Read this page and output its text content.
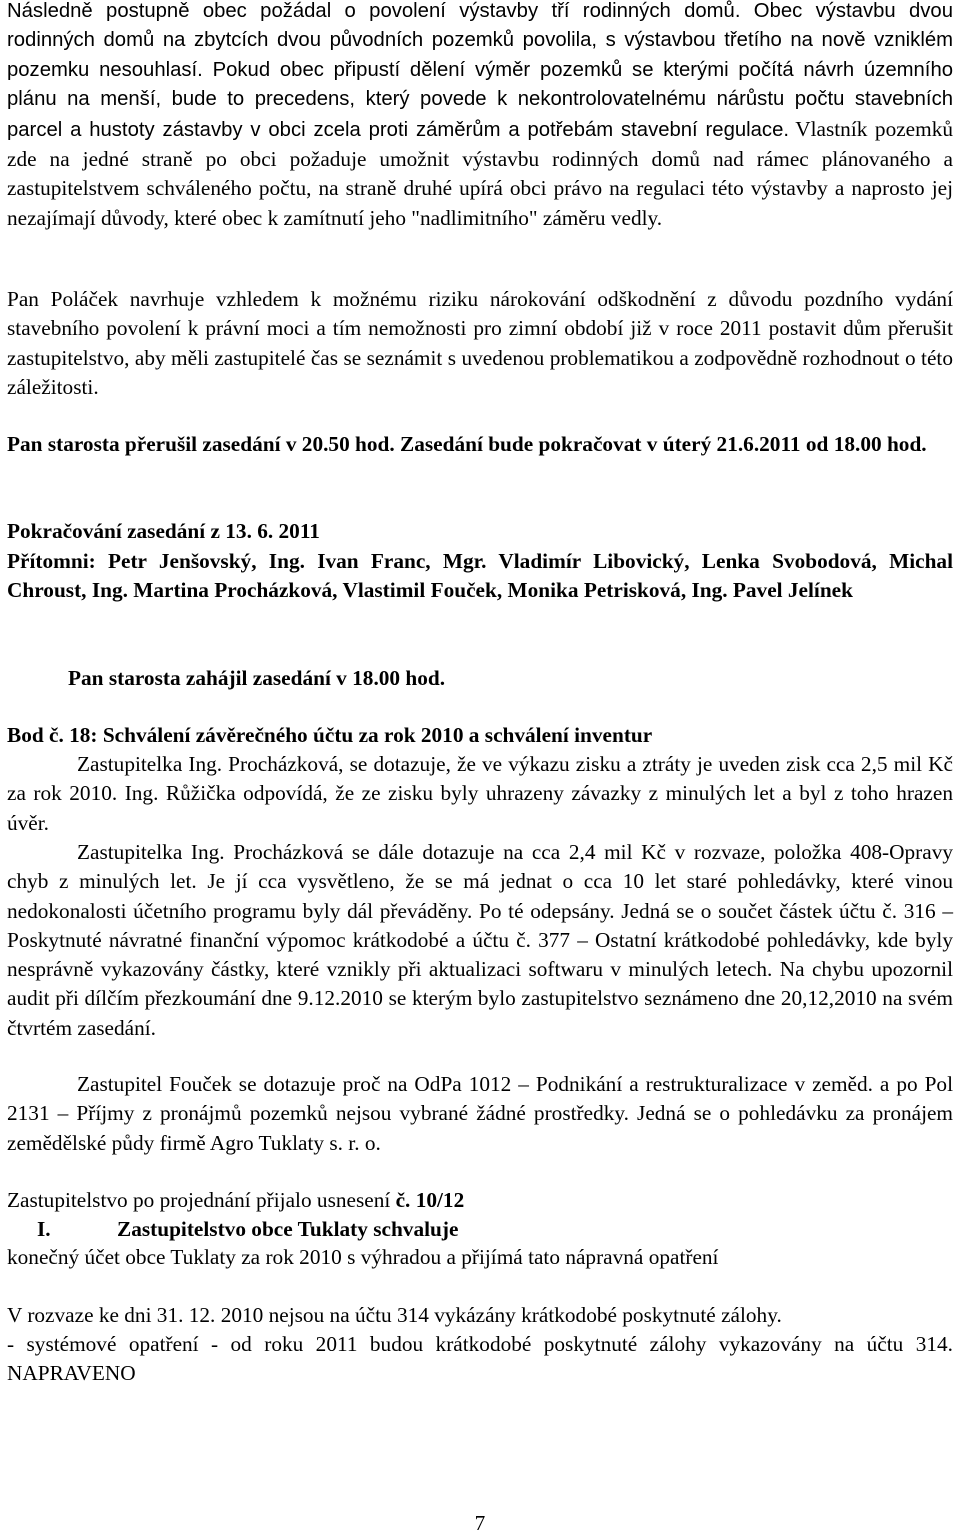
Následně postupně obec požádal o povolení výstavby tří rodinných domů. Obec výstavbu dvou rodinných domů na zbytcích dvou původních pozemků povolila, s výstavbou třetího na nově vzniklém pozemku nesouhlasí. Pokud obec připustí dělení výměr pozemků se kterými počítá návrh územního plánu na menší, bude to precedens, který povede k nekontrolovatelnému nárůstu počtu stavebních parcel a hustoty zástavby v obci zcela proti záměrům a potřebám stavební regulace. Vlastník pozemků zde na jedné straně po obci požaduje umožnit výstavbu rodinných domů nad rámec plánovaného a zastupitelstvem schváleného počtu, na straně druhé upírá obci právo na regulaci této výstavby a naprosto jej nezajímají důvody, které obec k zamítnutí jeho "nadlimitního" záměru vedly.

Pan Poláček navrhuje vzhledem k možnému riziku nárokování odškodnění z důvodu pozdního vydání stavebního povolení k právní moci a tím nemožnosti pro zimní období již v roce 2011 postavit dům přerušit zastupitelstvo, aby měli zastupitelé čas se seznámit s uvedenou problematikou a zodpovědně rozhodnout o této záležitosti.

Pan starosta přerušil zasedání v 20.50 hod. Zasedání bude pokračovat v úterý 21.6.2011 od 18.00 hod.

Pokračování zasedání z 13. 6. 2011

Přítomni: Petr Jenšovský, Ing. Ivan Franc, Mgr. Vladimír Libovický, Lenka Svobodová, Michal Chroust, Ing. Martina Procházková, Vlastimil Fouček, Monika Petrisková, Ing. Pavel Jelínek

Pan starosta zahájil zasedání v 18.00 hod.

Bod č. 18: Schválení závěrečného účtu za rok 2010 a schválení inventur

Zastupitelka Ing. Procházková, se dotazuje, že ve výkazu zisku a ztráty je uveden zisk cca 2,5 mil Kč za rok 2010. Ing. Růžička odpovídá, že ze zisku byly uhrazeny závazky z minulých let a byl z toho hrazen úvěr.

Zastupitelka Ing. Procházková se dále dotazuje na cca 2,4 mil Kč v rozvaze, položka 408-Opravy chyb z minulých let. Je jí cca vysvětleno, že se má jednat o cca 10 let staré pohledávky, které vinou nedokonalosti účetního programu byly dál převáděny. Po té odepsány. Jedná se o součet částek účtu č. 316 – Poskytnuté návratné finanční výpomoc krátkodobé a účtu č. 377 – Ostatní krátkodobé pohledávky, kde byly nesprávně vykazovány částky, které vznikly při aktualizaci softwaru v minulých letech. Na chybu upozornil audit při dílčím přezkoumání dne 9.12.2010 se kterým bylo zastupitelstvo seznámeno dne 20,12,2010 na svém čtvrtém zasedání.

Zastupitel Fouček se dotazuje proč na OdPa 1012 – Podnikání a restrukturalizace v zeměd. a po Pol 2131 – Příjmy z pronájmů pozemků nejsou vybrané žádné prostředky. Jedná se o pohledávku za pronájem zemědělské půdy firmě Agro Tuklaty s. r. o.

Zastupitelstvo po projednání přijalo usnesení č. 10/12

I.	Zastupitelstvo obce Tuklaty schvaluje

konečný účet obce Tuklaty za rok 2010 s výhradou a přijímá tato nápravná opatření

V rozvaze ke dni 31. 12. 2010 nejsou na účtu 314 vykázány krátkodobé poskytnuté zálohy.

- systémové opatření - od roku 2011 budou krátkodobé poskytnuté zálohy vykazovány na účtu 314. NAPRAVENO

7
